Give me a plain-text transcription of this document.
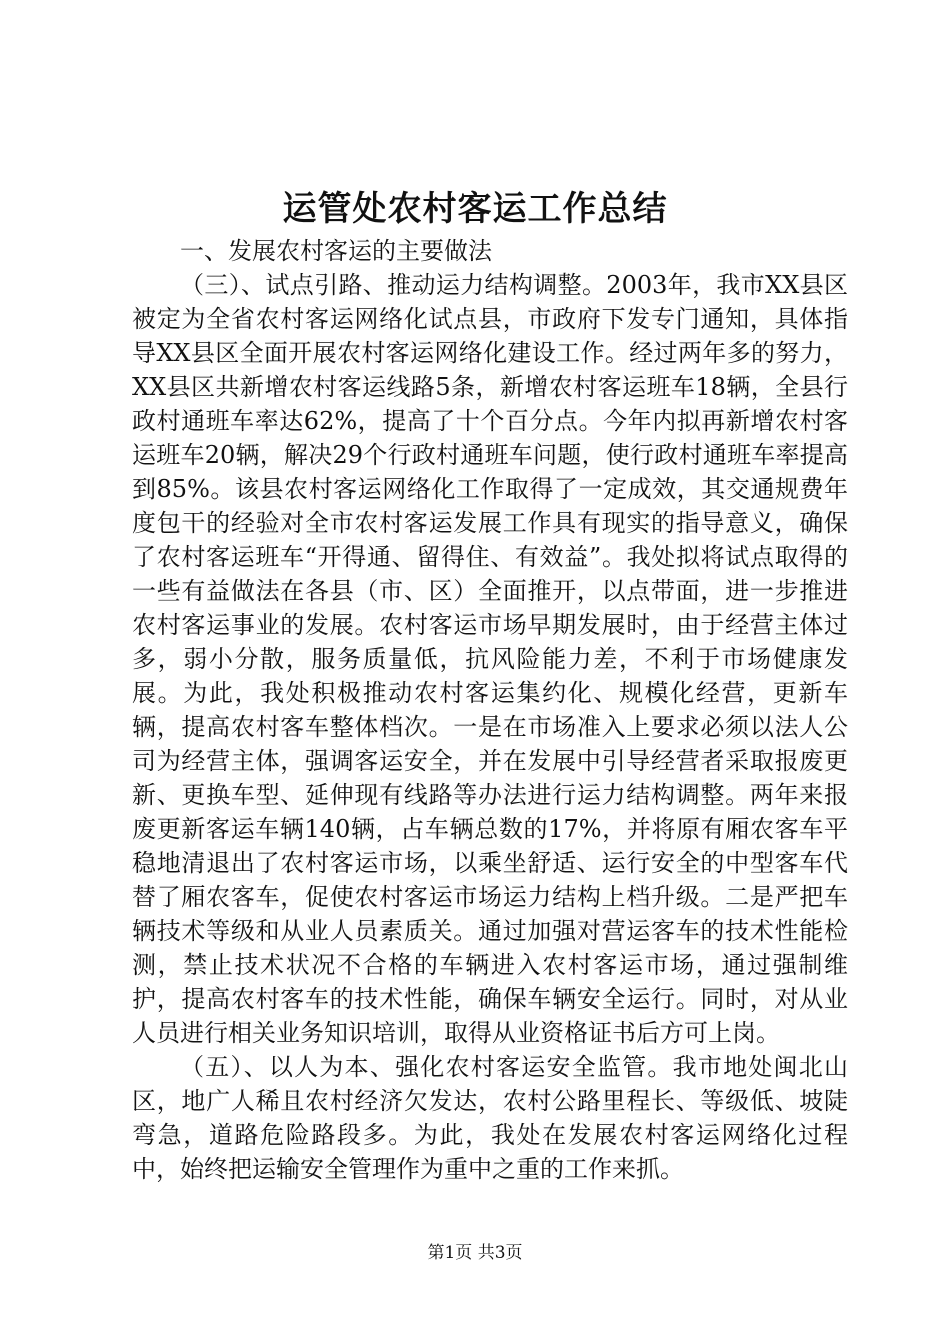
运管处农村客运工作总结

一、发展农村客运的主要做法

（三）、试点引路、推动运力结构调整。2003年，我市XX县区被定为全省农村客运网络化试点县，市政府下发专门通知，具体指导XX县区全面开展农村客运网络化建设工作。经过两年多的努力，XX县区共新增农村客运线路5条，新增农村客运班车18辆，全县行政村通班车率达62%，提高了十个百分点。今年内拟再新增农村客运班车20辆，解决29个行政村通班车问题，使行政村通班车率提高到85%。该县农村客运网络化工作取得了一定成效，其交通规费年度包干的经验对全市农村客运发展工作具有现实的指导意义，确保了农村客运班车“开得通、留得住、有效益”。我处拟将试点取得的一些有益做法在各县（市、区）全面推开，以点带面，进一步推进农村客运事业的发展。农村客运市场早期发展时，由于经营主体过多，弱小分散，服务质量低，抗风险能力差，不利于市场健康发展。为此，我处积极推动农村客运集约化、规模化经营，更新车辆，提高农村客车整体档次。一是在市场准入上要求必须以法人公司为经营主体，强调客运安全，并在发展中引导经营者采取报废更新、更换车型、延伸现有线路等办法进行运力结构调整。两年来报废更新客运车辆140辆，占车辆总数的17%，并将原有厢农客车平稳地清退出了农村客运市场，以乘坐舒适、运行安全的中型客车代替了厢农客车，促使农村客运市场运力结构上档升级。二是严把车辆技术等级和从业人员素质关。通过加强对营运客车的技术性能检测，禁止技术状况不合格的车辆进入农村客运市场，通过强制维护，提高农村客车的技术性能，确保车辆安全运行。同时，对从业人员进行相关业务知识培训，取得从业资格证书后方可上岗。

（五）、以人为本、强化农村客运安全监管。我市地处闽北山区，地广人稀且农村经济欠发达，农村公路里程长、等级低、坡陡弯急，道路危险路段多。为此，我处在发展农村客运网络化过程中，始终把运输安全管理作为重中之重的工作来抓。

第1页 共3页
